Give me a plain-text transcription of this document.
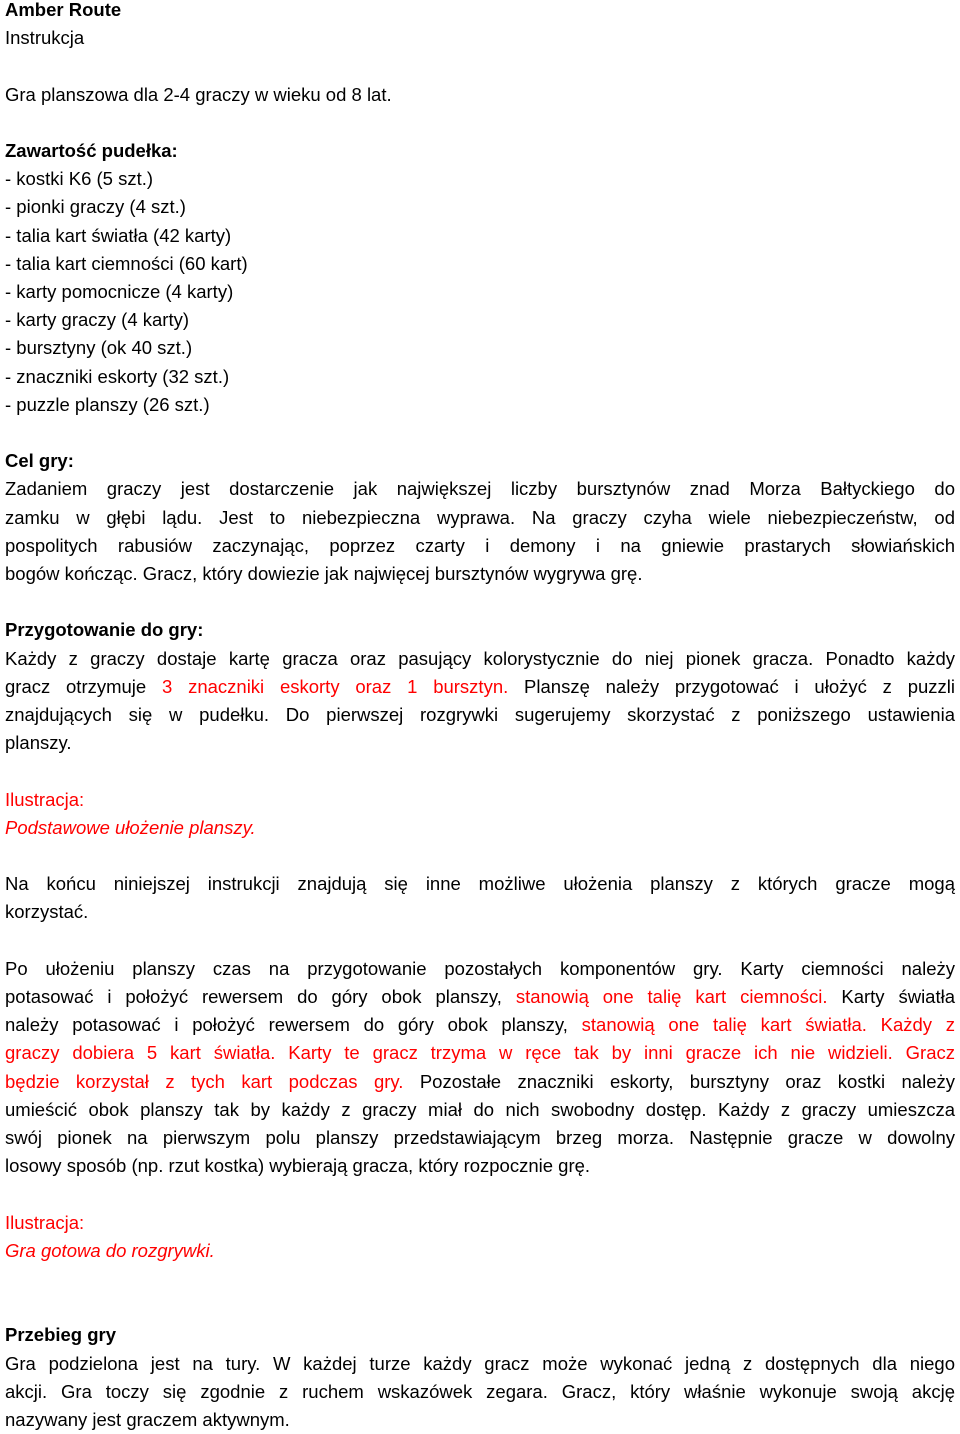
Amber Route
Instrukcja
Gra planszowa dla 2-4 graczy w wieku od 8 lat.
Zawartość pudełka:
- kostki K6 (5 szt.)
- pionki graczy (4 szt.)
- talia kart światła (42 karty)
- talia kart ciemności (60 kart)
- karty pomocnicze (4 karty)
- karty graczy (4 karty)
- bursztyny (ok 40 szt.)
- znaczniki eskorty (32 szt.)
- puzzle planszy (26 szt.)
Cel gry:
Zadaniem graczy jest dostarczenie jak największej liczby bursztynów znad Morza Bałtyckiego do
zamku w głębi lądu. Jest to niebezpieczna wyprawa. Na graczy czyha wiele niebezpieczeństw, od
pospolitych rabusiów zaczynając, poprzez czarty i demony i na gniewie prastarych słowiańskich
bogów kończąc. Gracz, który dowiezie jak najwięcej bursztynów wygrywa grę.
Przygotowanie do gry:
Każdy z graczy dostaje kartę gracza oraz pasujący kolorystycznie do niej pionek gracza. Ponadto każdy
gracz otrzymuje 3 znaczniki eskorty oraz 1 bursztyn. Planszę należy przygotować i ułożyć z puzzli
znajdujących się w pudełku. Do pierwszej rozgrywki sugerujemy skorzystać z poniższego ustawienia
planszy.
Ilustracja:
Podstawowe ułożenie planszy.
Na końcu niniejszej instrukcji znajdują się inne możliwe ułożenia planszy z których gracze mogą
korzystać.
Po ułożeniu planszy czas na przygotowanie pozostałych komponentów gry. Karty ciemności należy
potasować i położyć rewersem do góry obok planszy, stanowią one talię kart ciemności. Karty światła
należy potasować i położyć rewersem do góry obok planszy, stanowią one talię kart światła. Każdy z
graczy dobiera 5 kart światła. Karty te gracz trzyma w ręce tak by inni gracze ich nie widzieli. Gracz
będzie korzystał z tych kart podczas gry. Pozostałe znaczniki eskorty, bursztyny oraz kostki należy
umieścić obok planszy tak by każdy z graczy miał do nich swobodny dostęp. Każdy z graczy umieszcza
swój pionek na pierwszym polu planszy przedstawiającym brzeg morza. Następnie gracze w dowolny
losowy sposób (np. rzut kostka) wybierają gracza, który rozpocznie grę.
Ilustracja:
Gra gotowa do rozgrywki.
Przebieg gry
Gra podzielona jest na tury. W każdej turze każdy gracz może wykonać jedną z dostępnych dla niego
akcji. Gra toczy się zgodnie z ruchem wskazówek zegara. Gracz, który właśnie wykonuje swoją akcję
nazywany jest graczem aktywnym.
